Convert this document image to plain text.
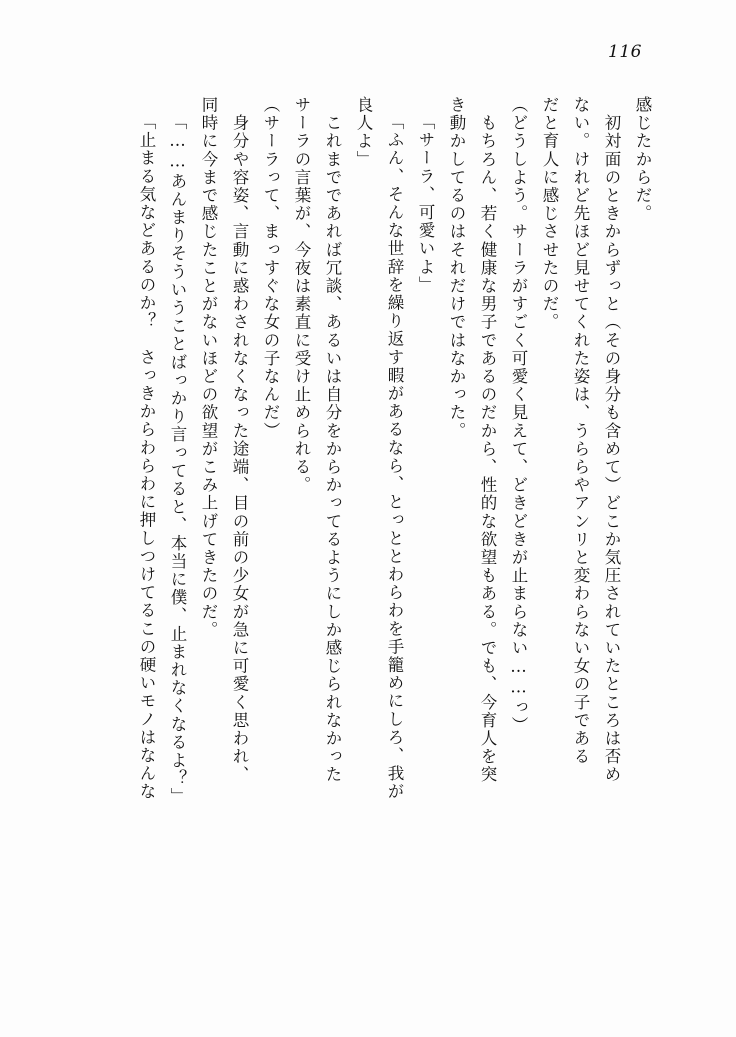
116
感じたからだ。
　初対面のときからずっと（その身分も含めて）どこか気圧されていたところは否め
ない。けれど先ほど見せてくれた姿は、うららやアンリと変わらない女の子である
だと育人に感じさせたのだ。
（どうしよう。サーラがすごく可愛く見えて、どきどきが止まらない……っ）
　もちろん、若く健康な男子であるのだから、性的な欲望もある。でも、今育人を突
き動かしてるのはそれだけではなかった。
「サーラ、可愛いよ」
「ふん、そんな世辞を繰り返す暇があるなら、とっととわらわを手籠めにしろ、我が
良人よ」
　これまでであれば冗談、あるいは自分をからかってるようにしか感じられなかった
サーラの言葉が、今夜は素直に受け止められる。
（サーラって、まっすぐな女の子なんだ）
　身分や容姿、言動に惑わされなくなった途端、目の前の少女が急に可愛く思われ、
同時に今まで感じたことがないほどの欲望がこみ上げてきたのだ。
「……あんまりそういうことばっかり言ってると、本当に僕、止まれなくなるよ？」
「止まる気などあるのか？　さっきからわらわに押しつけてるこの硬いモノはなんな
